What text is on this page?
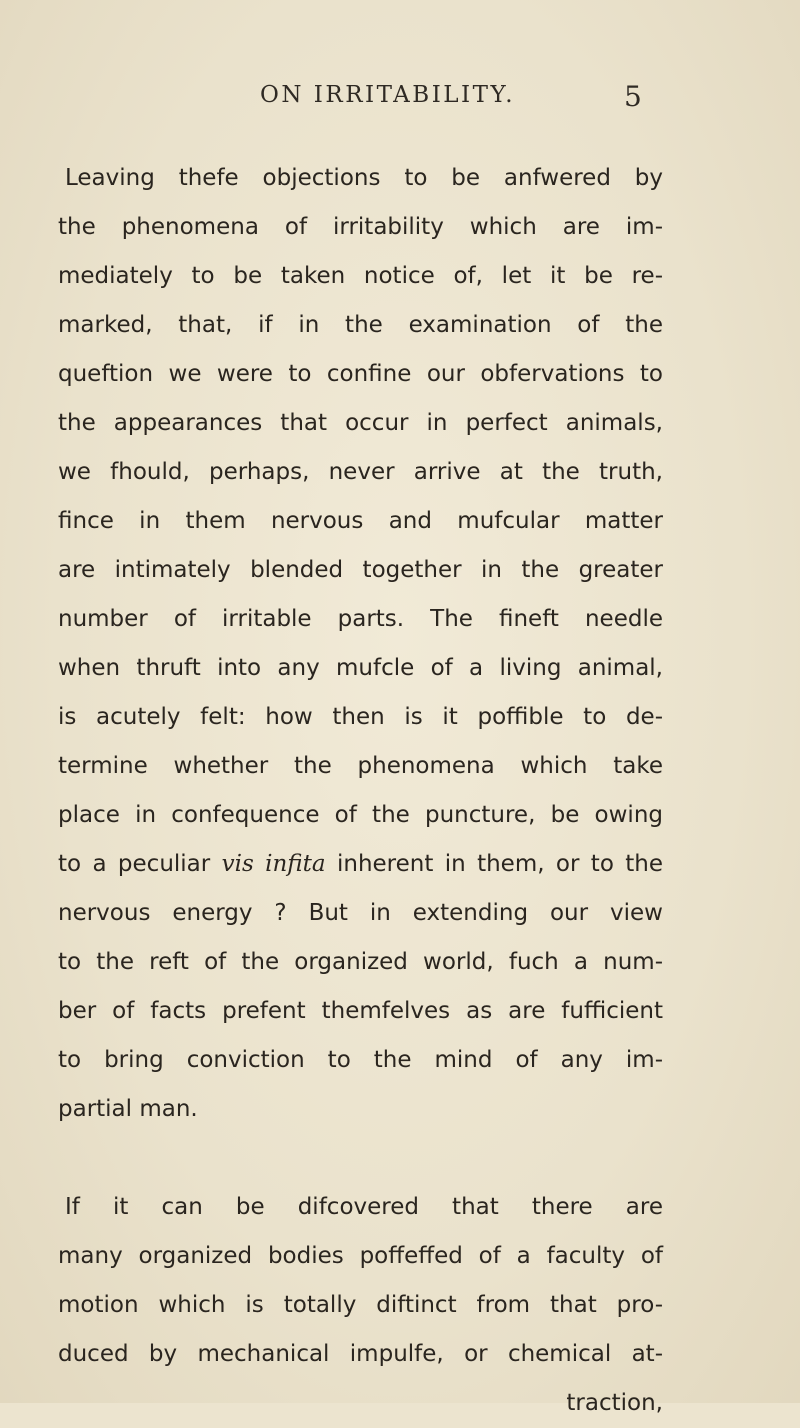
ON IRRITABILITY.	5
Leaving thefe objections to be anfwered by
the phenomena of irritability which are im-
mediately to be taken notice of, let it be re-
marked, that, if in the examination of the
queftion we were to confine our obfervations to
the appearances that occur in perfect animals,
we fhould, perhaps, never arrive at the truth,
fince in them nervous and mufcular matter
are intimately blended together in the greater
number of irritable parts. The fineft needle
when thruft into any mufcle of a living animal,
is acutely felt: how then is it poffible to de-
termine whether the phenomena which take
place in confequence of the puncture, be owing
to a peculiar vis infita inherent in them, or to the
nervous energy ? But in extending our view
to the reft of the organized world, fuch a num-
ber of facts prefent themfelves as are fufficient
to bring conviction to the mind of any im-
partial man.
If it can be difcovered that there are
many organized bodies poffeffed of a faculty of
motion which is totally diftinct from that pro-
duced by mechanical impulfe, or chemical at-
traction,
